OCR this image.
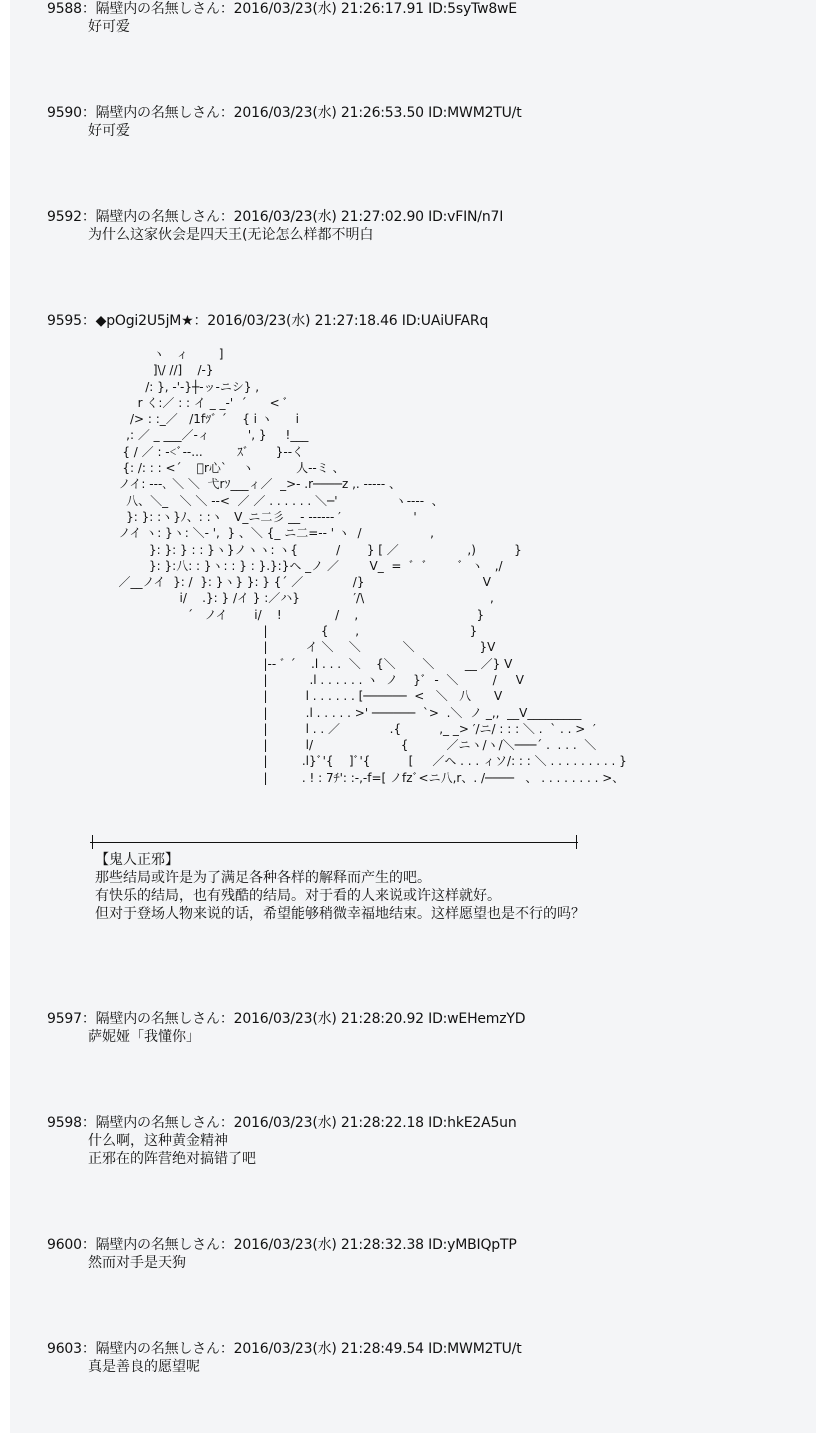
9588：隔壁内の名無しさん：2016/03/23(水) 21:26:17.91 ID:5syTw8wE
好可爱
9590：隔壁内の名無しさん：2016/03/23(水) 21:26:53.50 ID:MWM2TU/t
好可爱
9592：隔壁内の名無しさん：2016/03/23(水) 21:27:02.90 ID:vFIN/n7I
为什么这家伙会是四天王(无论怎么样都不明白
9595：◆pOgi2U5jM★：2016/03/23(水) 21:27:18.46 ID:UAiUFARq
ヽ   ィ        ]
]\/ //]    /-}
/: }, -'-}┼-ッ-ニシ} ,
r く:／ : : イ _ _-'  ´      < ﾞ
/> : :_／   /1fﾂﾞ ´    { i ヽ      i
,: ／ _ ___／-ィ          ', }     !___
{ / ／ : -<ﾞ--...         ｽﾞ       }--く
{: /: : : <´    ﾞr心`    ヽ           人--ミ 、
ノイ: ---､ ＼ ＼  弋rｿ___ィ／  _>- .r────z ,. ----- 、
八、＼_   ＼ ＼ --<  ／ ／ . . . . . . ＼─'               ヽ----  、
}: }: :ヽ}ﾉ、: :ヽ   V_ニ二彡 __- ------ ′                   '
ノイ ヽ: }ヽ: ＼- ',  } 、＼ {_ ニ二=-- ' ヽ  /                  ,
}: }: } : : }ヽ}ノヽヽ: ヽ{          /       } [ ／                  ,)          }
}: }:八: : }ヽ: : } : }.}:}ヘ _ノ ／        V_  =  ﾞ  ﾞ        ﾞ  ヽ   ,/
／__ノイ  }: /  }: }ヽ} }: } {´ ／             /}                               V
i/    .}: } /イ } :／ハ}              ′/\                                 ,
´   ノイ       i/    !              /    ,                               }
|              {       ,                             }
|          イ ＼    ＼           ＼                 }V
|-- ﾞ ´    .l . . .  ＼    {＼       ＼        __ ／} V
|           .l . . . . . . ヽ  ノ    }ﾞ  -  ＼         /     V
|          l . . . . . . [──────  <   ＼   八      V
|          .l . . . . . >' ──────  `>  .＼  ノ _,,  __V_________
|          l . . ／             .{          ,_ _> ′/ニ/ : : : ＼ .  ` . . >  ′
|          l/                       {          ／ニヽ/ヽ/＼───´ .  . . .  ＼
|         .l}ﾞ'{    ]ﾞ'{          [     ／ヘ . . . ィソ/: : : ＼ . . . . . . . . . }
|         . ! : 7ﾁ': :-,-f=[ ノfzﾞ<ニ八,r、. /────   、 . . . . . . . . >、
【鬼人正邪】
那些结局或许是为了满足各种各样的解释而产生的吧。
有快乐的结局，也有残酷的结局。对于看的人来说或许这样就好。
但对于登场人物来说的话，希望能够稍微幸福地结束。这样愿望也是不行的吗？
9597：隔壁内の名無しさん：2016/03/23(水) 21:28:20.92 ID:wEHemzYD
萨妮娅「我懂你」
9598：隔壁内の名無しさん：2016/03/23(水) 21:28:22.18 ID:hkE2A5un
什么啊，这种黄金精神
正邪在的阵营绝对搞错了吧
9600：隔壁内の名無しさん：2016/03/23(水) 21:28:32.38 ID:yMBIQpTP
然而对手是天狗
9603：隔壁内の名無しさん：2016/03/23(水) 21:28:49.54 ID:MWM2TU/t
真是善良的愿望呢
